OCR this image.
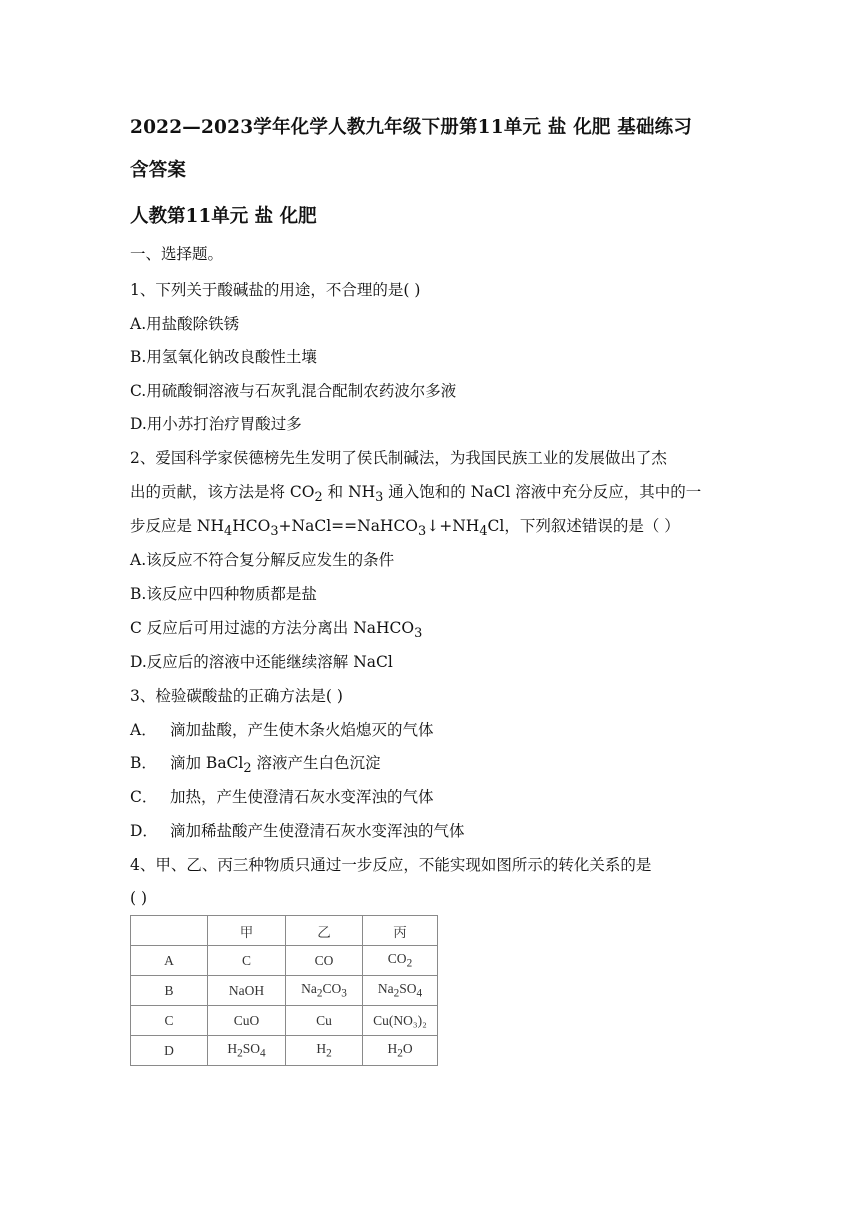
2022—2023学年化学人教九年级下册第11单元 盐 化肥 基础练习
含答案
人教第11单元 盐 化肥
一、选择题。
1、下列关于酸碱盐的用途，不合理的是( )
A.用盐酸除铁锈
B.用氢氧化钠改良酸性土壤
C.用硫酸铜溶液与石灰乳混合配制农药波尔多液
D.用小苏打治疗胃酸过多
2、爱国科学家侯德榜先生发明了侯氏制碱法，为我国民族工业的发展做出了杰
出的贡献，该方法是将 $CO_2$ 和 $NH_3$ 通入饱和的 NaCl 溶液中充分反应，其中的一
步反应是 $NH_4HCO_3+NaCl==NaHCO_3↓+NH_4Cl$，下列叙述错误的是（ ）
A.该反应不符合复分解反应发生的条件
B.该反应中四种物质都是盐
C 反应后可用过滤的方法分离出 NaHCO$_3$
D.反应后的溶液中还能继续溶解 NaCl
3、检验碳酸盐的正确方法是( )
A． 滴加盐酸，产生使木条火焰熄灭的气体
B． 滴加 BaCl$_2$ 溶液产生白色沉淀
C． 加热，产生使澄清石灰水变浑浊的气体
D． 滴加稀盐酸产生使澄清石灰水变浑浊的气体
4、甲、乙、丙三种物质只通过一步反应，不能实现如图所示的转化关系的是
( )
	甲	乙	丙
A	C	CO	$CO_2$
B	NaOH	$Na_2CO_3$	$Na_2SO_4$
C	CuO	Cu	Cu(NO₃)₂
D	$H_2SO_4$	$H_2$	$H_2O$
